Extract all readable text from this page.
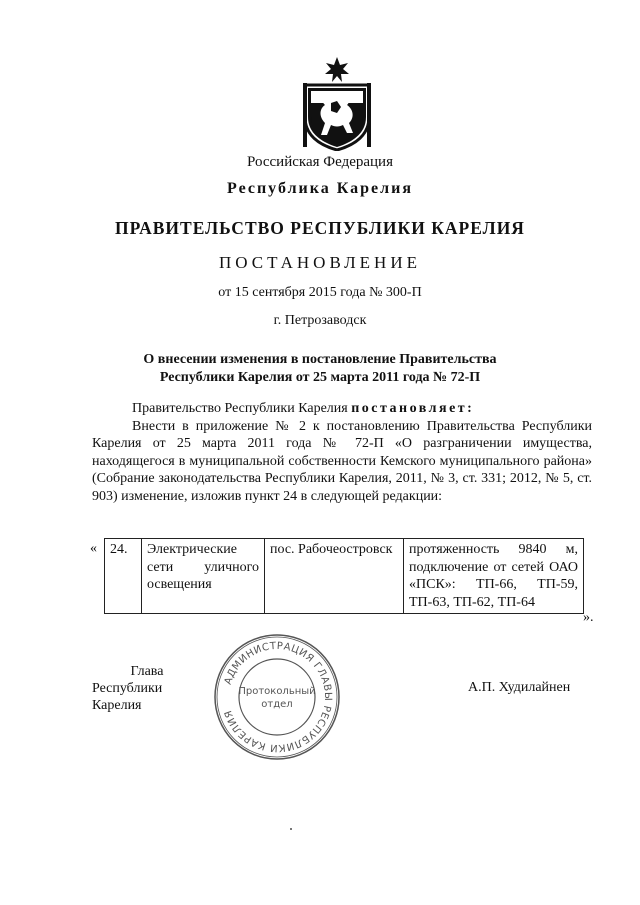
Российская Федерация
Республика Карелия
ПРАВИТЕЛЬСТВО РЕСПУБЛИКИ КАРЕЛИЯ
ПОСТАНОВЛЕНИЕ
от 15 сентября 2015 года № 300-П
г. Петрозаводск
О внесении изменения в постановление Правительства
Республики Карелия от 25 марта 2011 года № 72-П

Правительство Республики Карелия постановляет:

Внести в приложение № 2 к постановлению Правительства Республики Карелия от 25 марта 2011 года № 72-П «О разграничении имущества, находящегося в муниципальной собственности Кемского муниципального района» (Собрание законодательства Республики Карелия, 2011, № 3, ст. 331; 2012, № 5, ст. 903) изменение, изложив пункт 24 в следующей редакции:

« 24.	Электрические сети уличного освещения	пос. Рабочеостровск	протяженность 9840 м, подключение от сетей ОАО «ПСК»: ТП-66, ТП-59, ТП-63, ТП-62, ТП-64
».
Глава
Республики Карелия
А.П. Худилайнен
АДМИНИСТРАЦИЯ ГЛАВЫ РЕСПУБЛИКИ КАРЕЛИЯ
Протокольный
отдел
